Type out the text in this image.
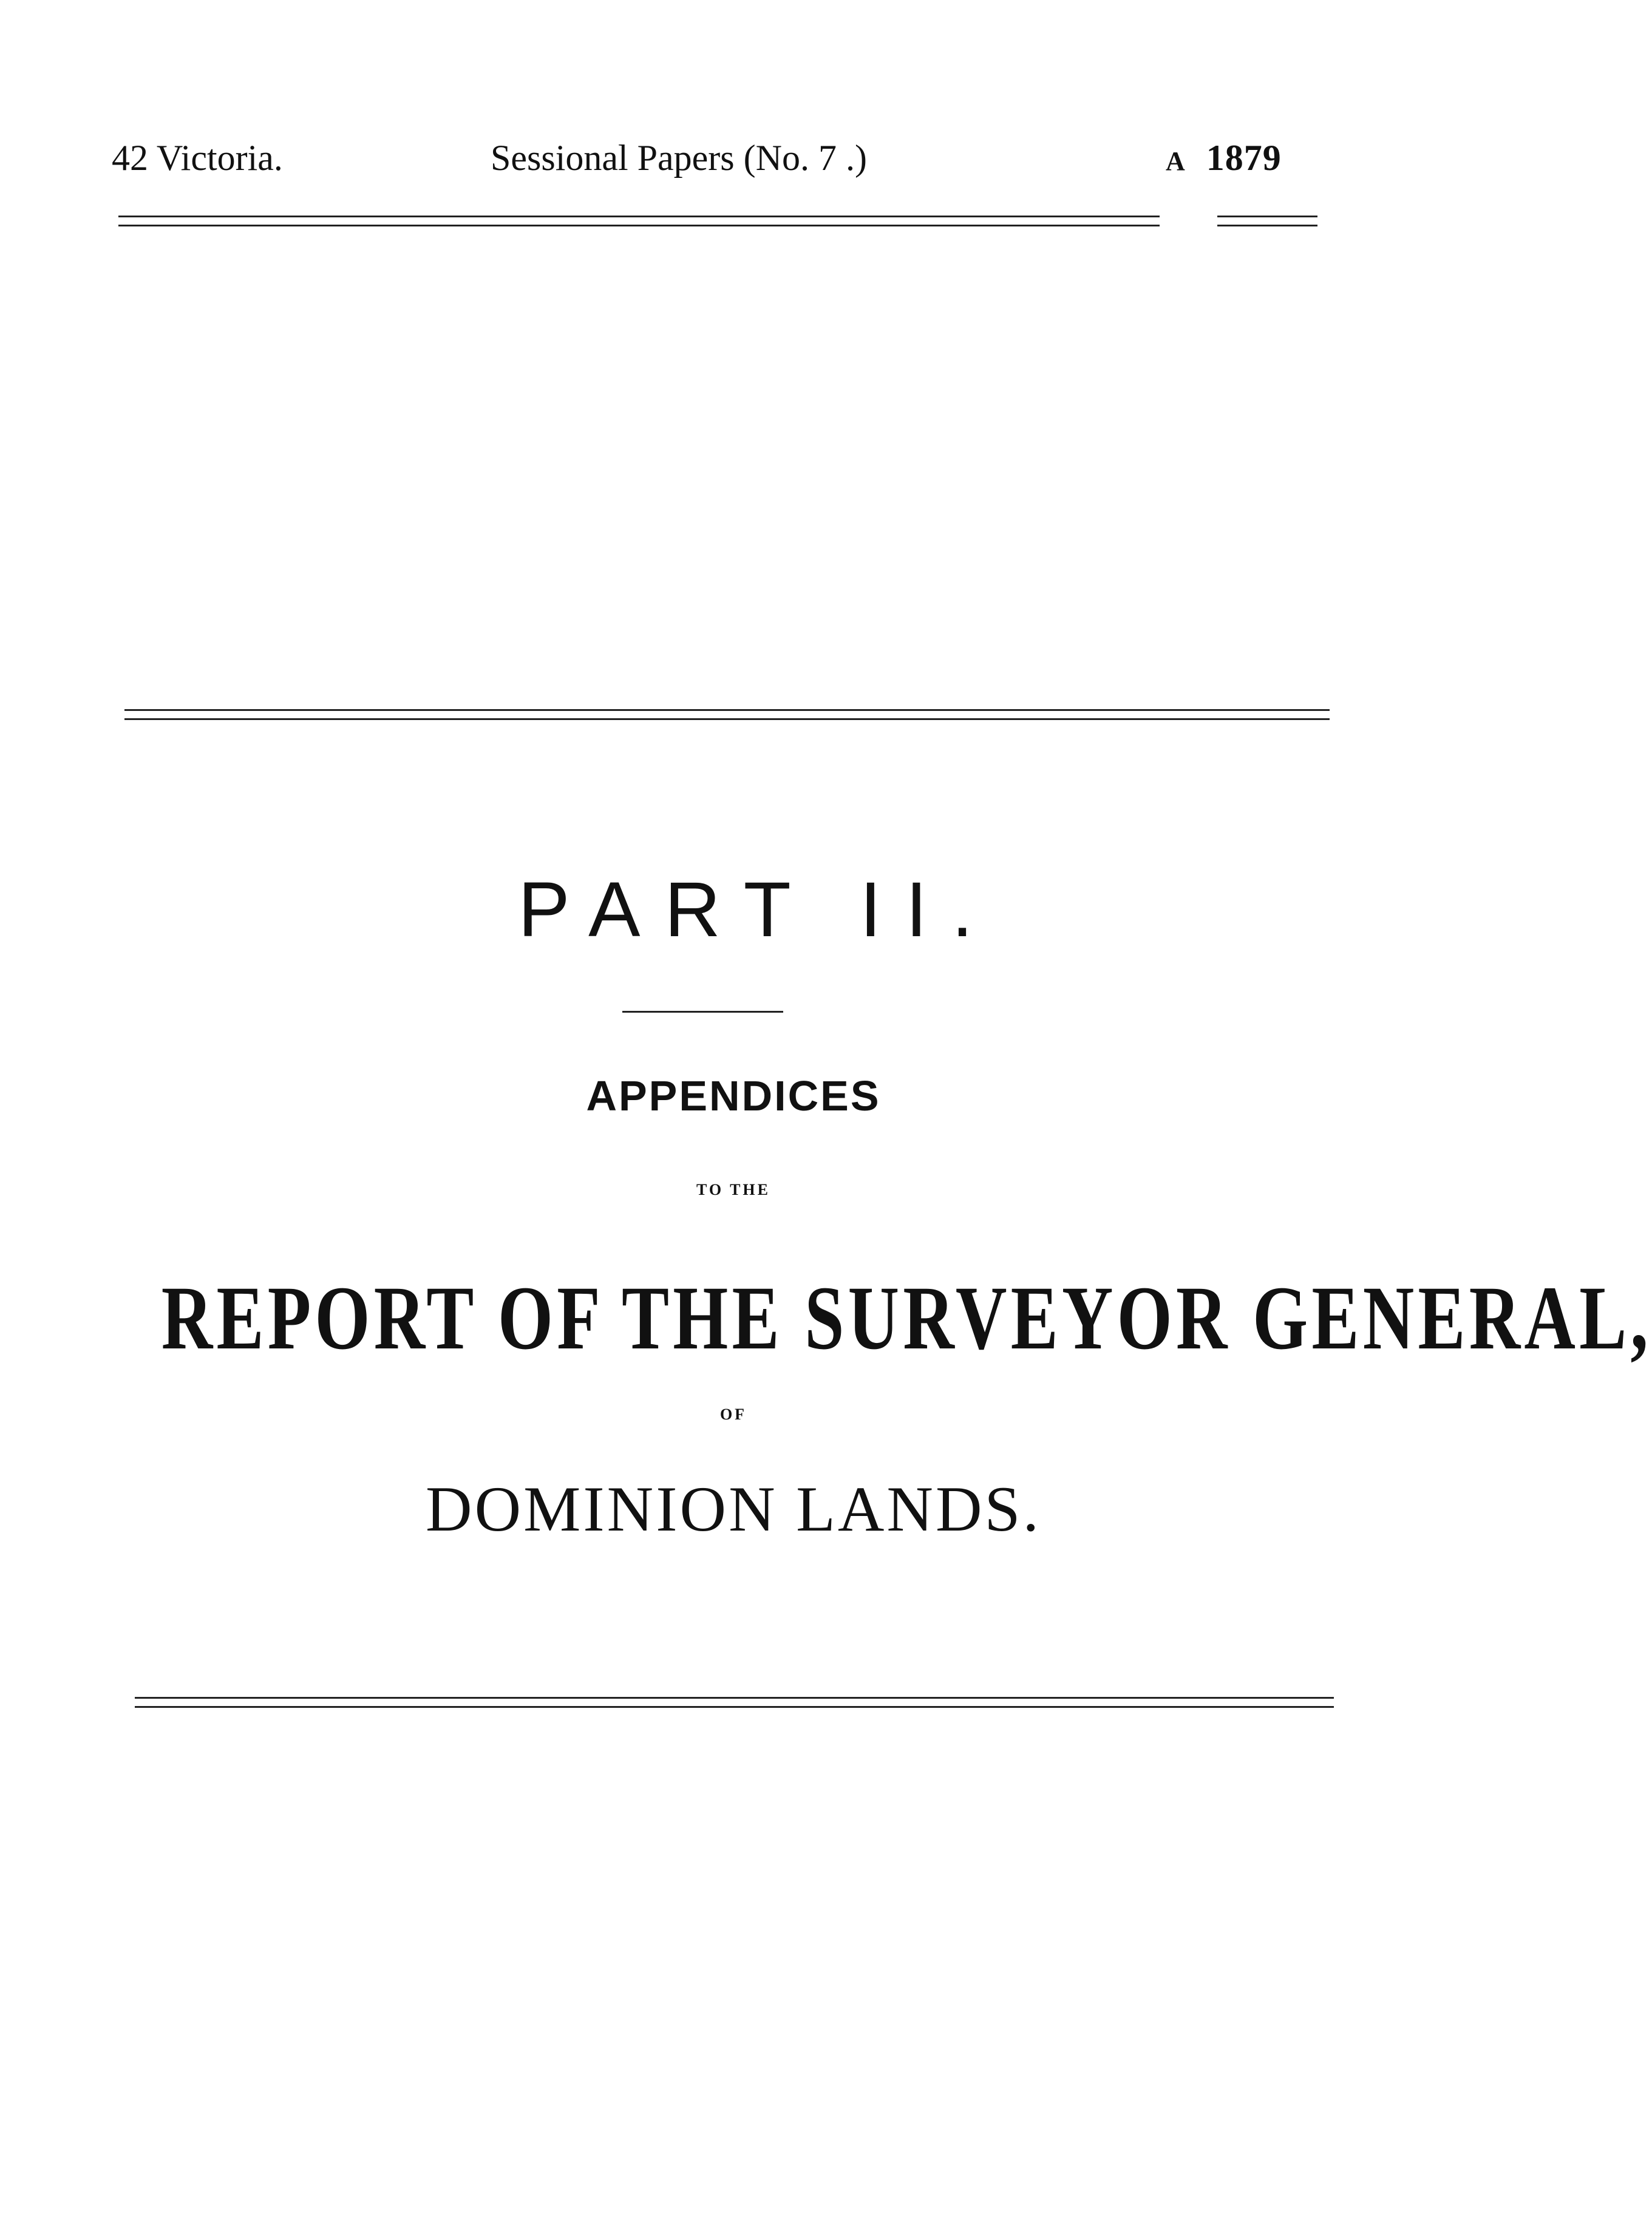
42 Victoria.	Sessional Papers (No. 7 .)	A 1879
PART II.
APPENDICES
TO THE
REPORT OF THE SURVEYOR GENERAL,
OF
DOMINION LANDS.
